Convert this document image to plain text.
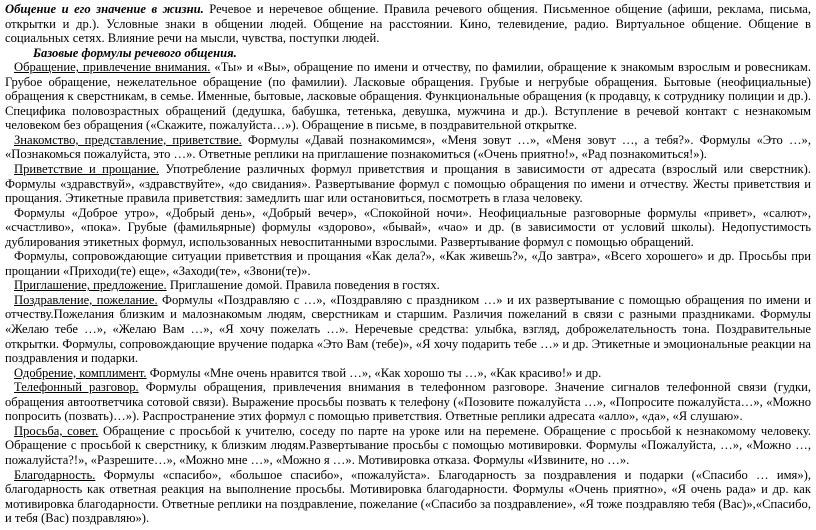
Общение и его значение в жизни. Речевое и неречевое общение. Правила речевого общения. Письменное общение (афиши, реклама, письма, открытки и др.). Условные знаки в общении людей. Общение на расстоянии. Кино, телевидение, радио. Виртуальное общение. Общение в социальных сетях. Влияние речи на мысли, чувства, поступки людей.

Базовые формулы речевого общения.

Обращение, привлечение внимания. «Ты» и «Вы», обращение по имени и отчеству, по фамилии, обращение к знакомым взрослым и ровесникам. Грубое обращение, нежелательное обращение (по фамилии). Ласковые обращения. Грубые и негрубые обращения. Бытовые (неофициальные) обращения к сверстникам, в семье. Именные, бытовые, ласковые обращения. Функциональные обращения (к продавцу, к сотруднику полиции и др.). Специфика половозрастных обращений (дедушка, бабушка, тетенька, девушка, мужчина и др.). Вступление в речевой контакт с незнакомым человеком без обращения («Скажите, пожалуйста…»). Обращение в письме, в поздравительной открытке.

Знакомство, представление, приветствие. Формулы «Давай познакомимся», «Меня зовут …», «Меня зовут …, а тебя?». Формулы «Это …», «Познакомься пожалуйста, это …». Ответные реплики на приглашение познакомиться («Очень приятно!», «Рад познакомиться!»).

Приветствие и прощание. Употребление различных формул приветствия и прощания в зависимости от адресата (взрослый или сверстник). Формулы «здравствуй», «здравствуйте», «до свидания». Развертывание формул с помощью обращения по имени и отчеству. Жесты приветствия и прощания. Этикетные правила приветствия: замедлить шаг или остановиться, посмотреть в глаза человеку.

Формулы «Доброе утро», «Добрый день», «Добрый вечер», «Спокойной ночи». Неофициальные разговорные формулы «привет», «салют», «счастливо», «пока». Грубые (фамильярные) формулы «здорово», «бывай», «чао» и др. (в зависимости от условий школы). Недопустимость дублирования этикетных формул, использованных невоспитанными взрослыми. Развертывание формул с помощью обращений.

Формулы, сопровождающие ситуации приветствия и прощания «Как дела?», «Как живешь?», «До завтра», «Всего хорошего» и др. Просьбы при прощании «Приходи(те) еще», «Заходи(те», «Звони(те)».

Приглашение, предложение. Приглашение домой. Правила поведения в гостях.

Поздравление, пожелание. Формулы «Поздравляю с …», «Поздравляю с праздником …» и их развертывание с помощью обращения по имени и отчеству.Пожелания близким и малознакомым людям, сверстникам и старшим. Различия пожеланий в связи с разными праздниками. Формулы «Желаю тебе …», «Желаю Вам …», «Я хочу пожелать …». Неречевые средства: улыбка, взгляд, доброжелательность тона. Поздравительные открытки. Формулы, сопровождающие вручение подарка «Это Вам (тебе)», «Я хочу подарить тебе …» и др. Этикетные и эмоциональные реакции на поздравления и подарки.

Одобрение, комплимент. Формулы «Мне очень нравится твой …», «Как хорошо ты …», «Как красиво!» и др.

Телефонный разговор. Формулы обращения, привлечения внимания в телефонном разговоре. Значение сигналов телефонной связи (гудки, обращения автоответчика сотовой связи). Выражение просьбы позвать к телефону («Позовите пожалуйста …», «Попросите пожалуйста…», «Можно попросить (позвать)…»). Распространение этих формул с помощью приветствия. Ответные реплики адресата «алло», «да», «Я слушаю».

Просьба, совет. Обращение с просьбой к учителю, соседу по парте на уроке или на перемене. Обращение с просьбой к незнакомому человеку. Обращение с просьбой к сверстнику, к близким людям.Развертывание просьбы с помощью мотивировки. Формулы «Пожалуйста, …», «Можно …, пожалуйста?!», «Разрешите…», «Можно мне …», «Можно я …». Мотивировка отказа. Формулы «Извините, но …».

Благодарность. Формулы «спасибо», «большое спасибо», «пожалуйста». Благодарность за поздравления и подарки («Спасибо … имя»), благодарность как ответная реакция на выполнение просьбы. Мотивировка благодарности. Формулы «Очень приятно», «Я очень рада» и др. как мотивировка благодарности. Ответные реплики на поздравление, пожелание («Спасибо за поздравление», «Я тоже поздравляю тебя (Вас)»,«Спасибо, и тебя (Вас) поздравляю»).
